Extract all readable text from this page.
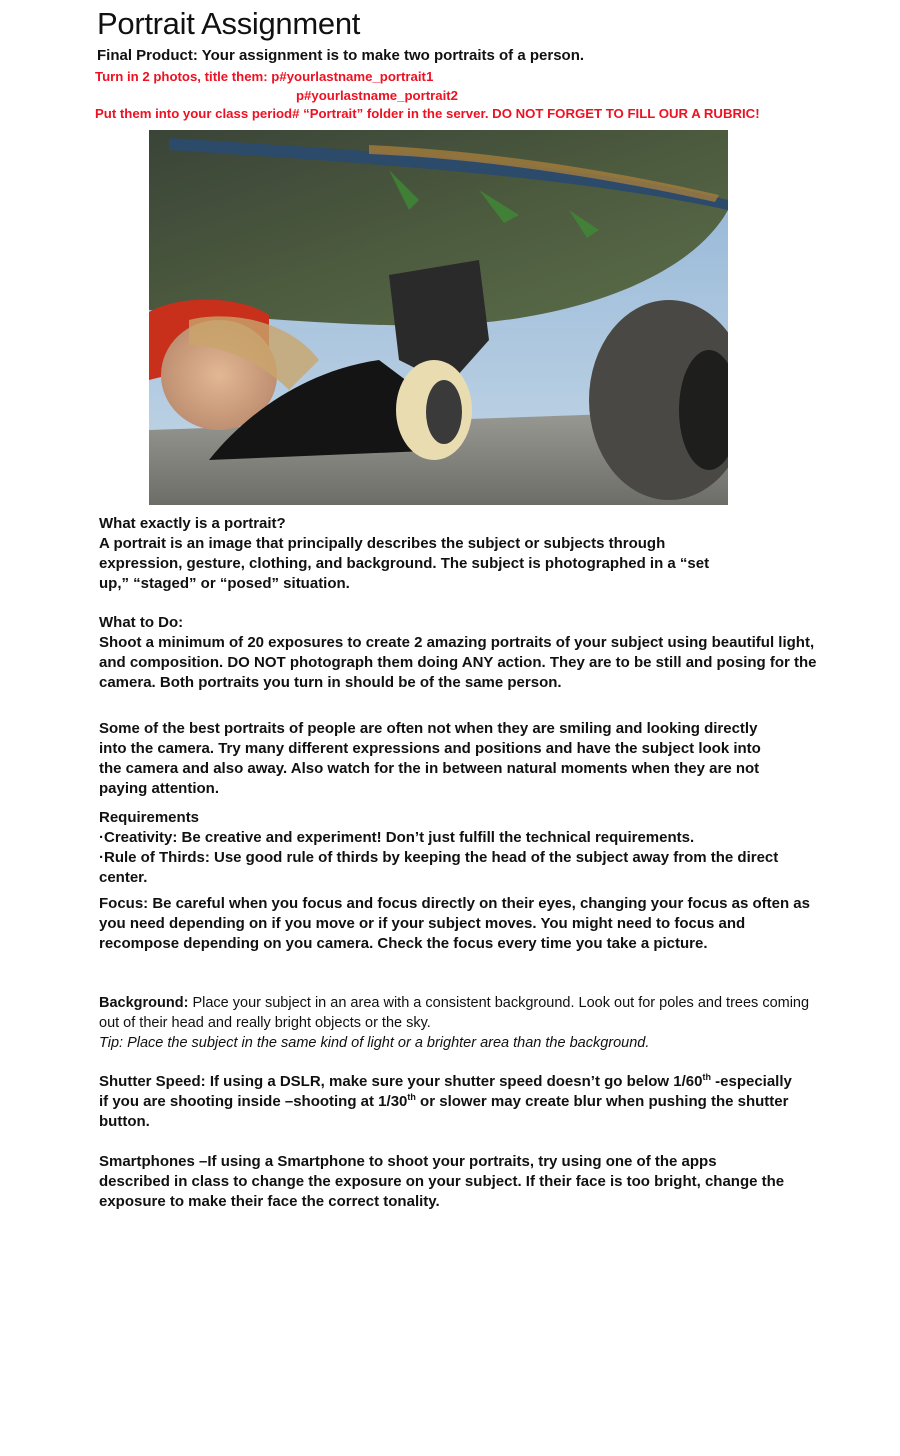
Portrait Assignment
Final Product: Your assignment is to make two portraits of a person.
Turn in 2 photos, title them: p#yourlastname_portrait1
p#yourlastname_portrait2
Put them into your class period# “Portrait” folder in the server. DO NOT FORGET TO FILL OUR A RUBRIC!

What exactly is a portrait?

A portrait is an image that principally describes the subject or subjects through expression, gesture, clothing, and background. The subject is photographed in a “set up,” “staged” or “posed” situation.

What to Do:

Shoot a minimum of 20 exposures to create 2 amazing portraits of your subject using beautiful light, and composition. DO NOT photograph them doing ANY action. They are to be still and posing for the camera. Both portraits you turn in should be of the same person.

Some of the best portraits of people are often not when they are smiling and looking directly into the camera. Try many different expressions and positions and have the subject look into the camera and also away. Also watch for the in between natural moments when they are not paying attention.

Requirements

·Creativity: Be creative and experiment! Don’t just fulfill the technical requirements.

·Rule of Thirds: Use good rule of thirds by keeping the head of the subject away from the direct center.

Focus: Be careful when you focus and focus directly on their eyes, changing your focus as often as you need depending on if you move or if your subject moves. You might need to focus and recompose depending on you camera. Check the focus every time you take a picture.

Background: Place your subject in an area with a consistent background. Look out for poles and trees coming out of their head and really bright objects or the sky.

Tip: Place the subject in the same kind of light or a brighter area than the background.

Shutter Speed: If using a DSLR, make sure your shutter speed doesn’t go below 1/60th -especially if you are shooting inside –shooting at 1/30th or slower may create blur when pushing the shutter button.

Smartphones –If using a Smartphone to shoot your portraits, try using one of the apps described in class to change the exposure on your subject. If their face is too bright, change the exposure to make their face the correct tonality.
